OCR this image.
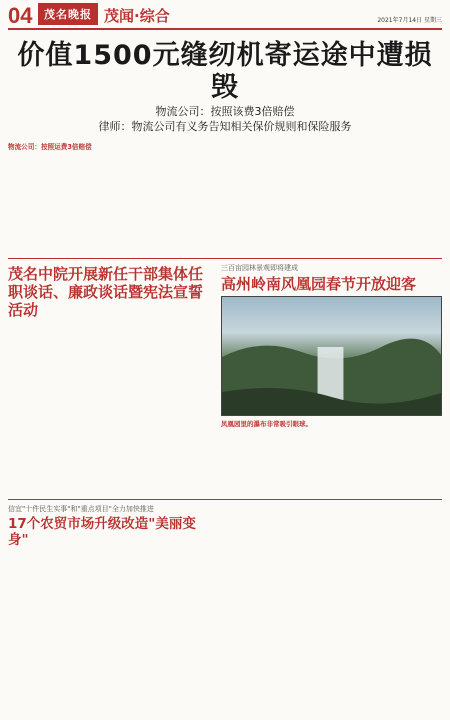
04	茂名晚报 茂闻·综合	2021年7月14日 星期三
价值1500元缝纫机寄运途中遭损毁
物流公司：按照该费3倍赔偿
律师：物流公司有义务告知相关保价规则和保险服务
物流公司：按照运费3倍赔偿
茂名中院开展新任干部集体任职谈话、廉政谈话暨宪法宣誓活动
三百亩园林景观即将建成
高州岭南风凰园春节开放迎客
凤凰园里的瀑布非常吸引眼球。
信宜"十件民生实事"和"重点项目"全力加快推进
17个农贸市场升级改造"美丽变身"
